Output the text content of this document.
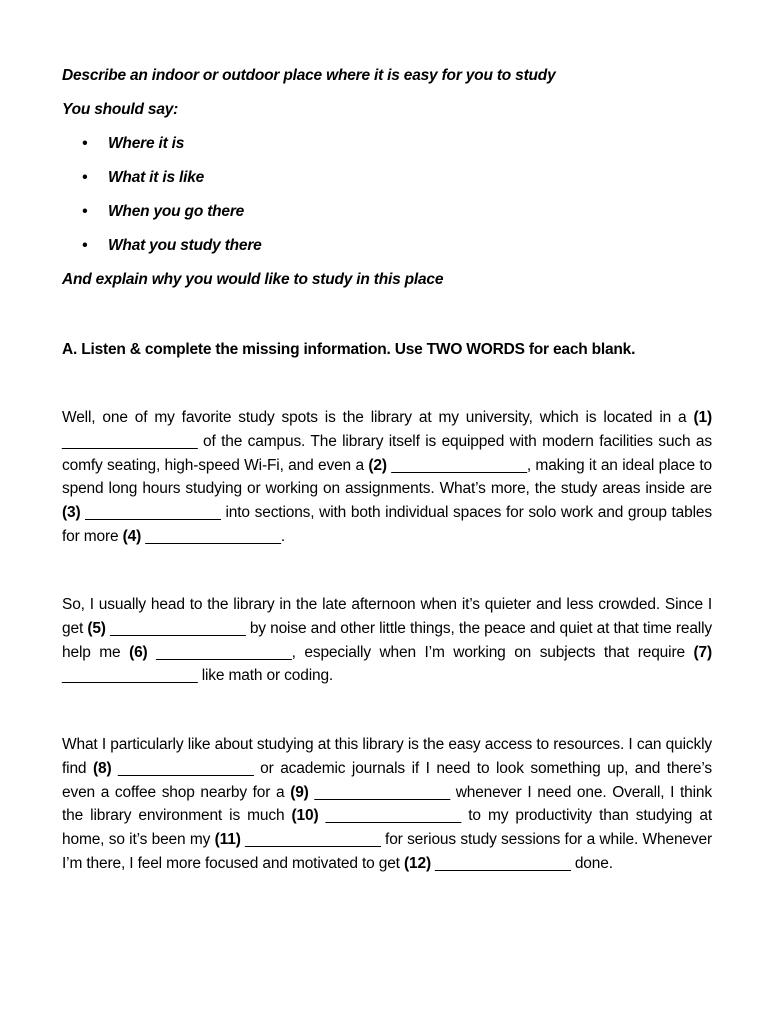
Describe an indoor or outdoor place where it is easy for you to study
You should say:
• Where it is
• What it is like
• When you go there
• What you study there
And explain why you would like to study in this place
A. Listen & complete the missing information. Use TWO WORDS for each blank.
Well, one of my favorite study spots is the library at my university, which is located in a (1) ________________ of the campus. The library itself is equipped with modern facilities such as comfy seating, high-speed Wi-Fi, and even a (2) ________________, making it an ideal place to spend long hours studying or working on assignments. What’s more, the study areas inside are (3) ________________ into sections, with both individual spaces for solo work and group tables for more (4) ________________.
So, I usually head to the library in the late afternoon when it’s quieter and less crowded. Since I get (5) ________________ by noise and other little things, the peace and quiet at that time really help me (6) ________________, especially when I’m working on subjects that require (7) ________________ like math or coding.
What I particularly like about studying at this library is the easy access to resources. I can quickly find (8) ________________ or academic journals if I need to look something up, and there’s even a coffee shop nearby for a (9) ________________ whenever I need one. Overall, I think the library environment is much (10) ________________ to my productivity than studying at home, so it’s been my (11) ________________ for serious study sessions for a while. Whenever I’m there, I feel more focused and motivated to get (12) ________________ done.
